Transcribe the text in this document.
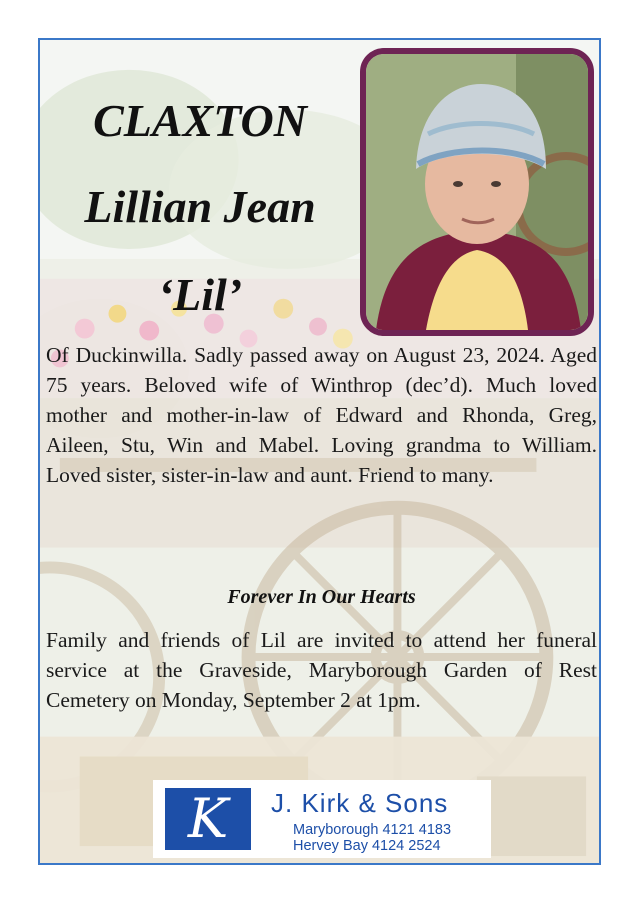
CLAXTON
Lillian Jean
‘Lil’

Of Duckinwilla. Sadly passed away on August 23, 2024. Aged 75 years. Beloved wife of Winthrop (dec’d). Much loved mother and mother-in-law of Edward and Rhonda, Greg, Aileen, Stu, Win and Mabel. Loving grandma to William. Loved sister, sister-in-law and aunt. Friend to many.

Forever In Our Hearts

Family and friends of Lil are invited to attend her funeral service at the Graveside, Maryborough Garden of Rest Cemetery on Monday, September 2 at 1pm.

K	J. Kirk & Sons
Maryborough 4121 4183
Hervey Bay 4124 2524
